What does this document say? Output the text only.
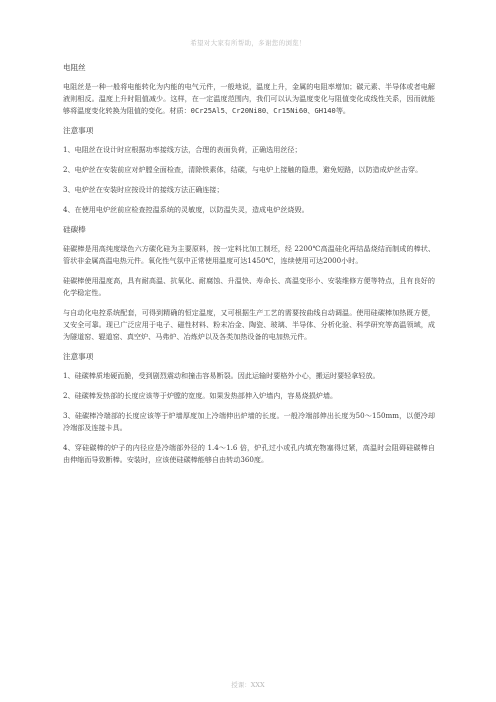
希望对大家有所帮助，多谢您的浏览！
电阻丝
电阻丝是一种一般将电能转化为内能的电气元件，一般地说，温度上升，金属的电阻率增加；碳元素、半导体或者电解液则相反。温度上升时阻值减少。这样，在一定温度范围内，我们可以认为温度变化与阻值变化成线性关系，因而就能够将温度变化转换为阻值的变化。材质：0Cr25Al5、Cr20Ni80、Cr15Ni60、GH140等。
注意事项
1、电阻丝在设计时应根据功率接线方法，合理的表面负荷，正确选用丝径；
2、电炉丝在安装前应对炉膛全面检查，清除铁素体，结碳，与电炉上接触的隐患，避免短路，以防造成炉丝击穿。
3、电炉丝在安装时应按设计的接线方法正确连接；
4、在使用电炉丝前应检查控温系统的灵敏度，以防温失灵，造成电炉丝烧毁。
硅碳棒
硅碳棒是用高纯度绿色六方碳化硅为主要原料，按一定料比加工制坯，经 2200℃高温硅化再结晶烧结而制成的棒状、管状非金属高温电热元件。氧化性气氛中正常使用温度可达1450℃，连续使用可达2000小时。
硅碳棒使用温度高，具有耐高温、抗氧化、耐腐蚀、升温快、寿命长、高温变形小、安装维修方便等特点，且有良好的化学稳定性。
与自动化电控系统配套，可得到精确的恒定温度，又可根据生产工艺的需要按曲线自动调温。使用硅碳棒加热既方便，又安全可靠。现已广泛应用于电子、磁性材料、粉末冶金、陶瓷、玻璃、半导体、分析化验、科学研究等高温领域，成为隧道窑、辊道窑、真空炉、马弗炉、冶炼炉以及各类加热设备的电加热元件。
注意事项
1、硅碳棒质地硬而脆，受到剧烈震动和撞击容易断裂。因此运输时要格外小心，搬运时要轻拿轻放。
2、硅碳棒发热部的长度应该等于炉膛的宽度。如果发热部伸入炉墙内，容易烧损炉墙。
3、硅碳棒冷端部的长度应该等于炉墙厚度加上冷端伸出炉墙的长度。一般冷端部伸出长度为50～150mm，以便冷却冷端部及连接卡具。
4、穿硅碳棒的炉子的内径应是冷端部外径的 1.4～1.6 倍，炉孔过小或孔内填充物塞得过紧，高温时会阻碍硅碳棒自由伸缩而导致断棒。安装时，应该使硅碳棒能够自由转动360度。
授课：XXX
